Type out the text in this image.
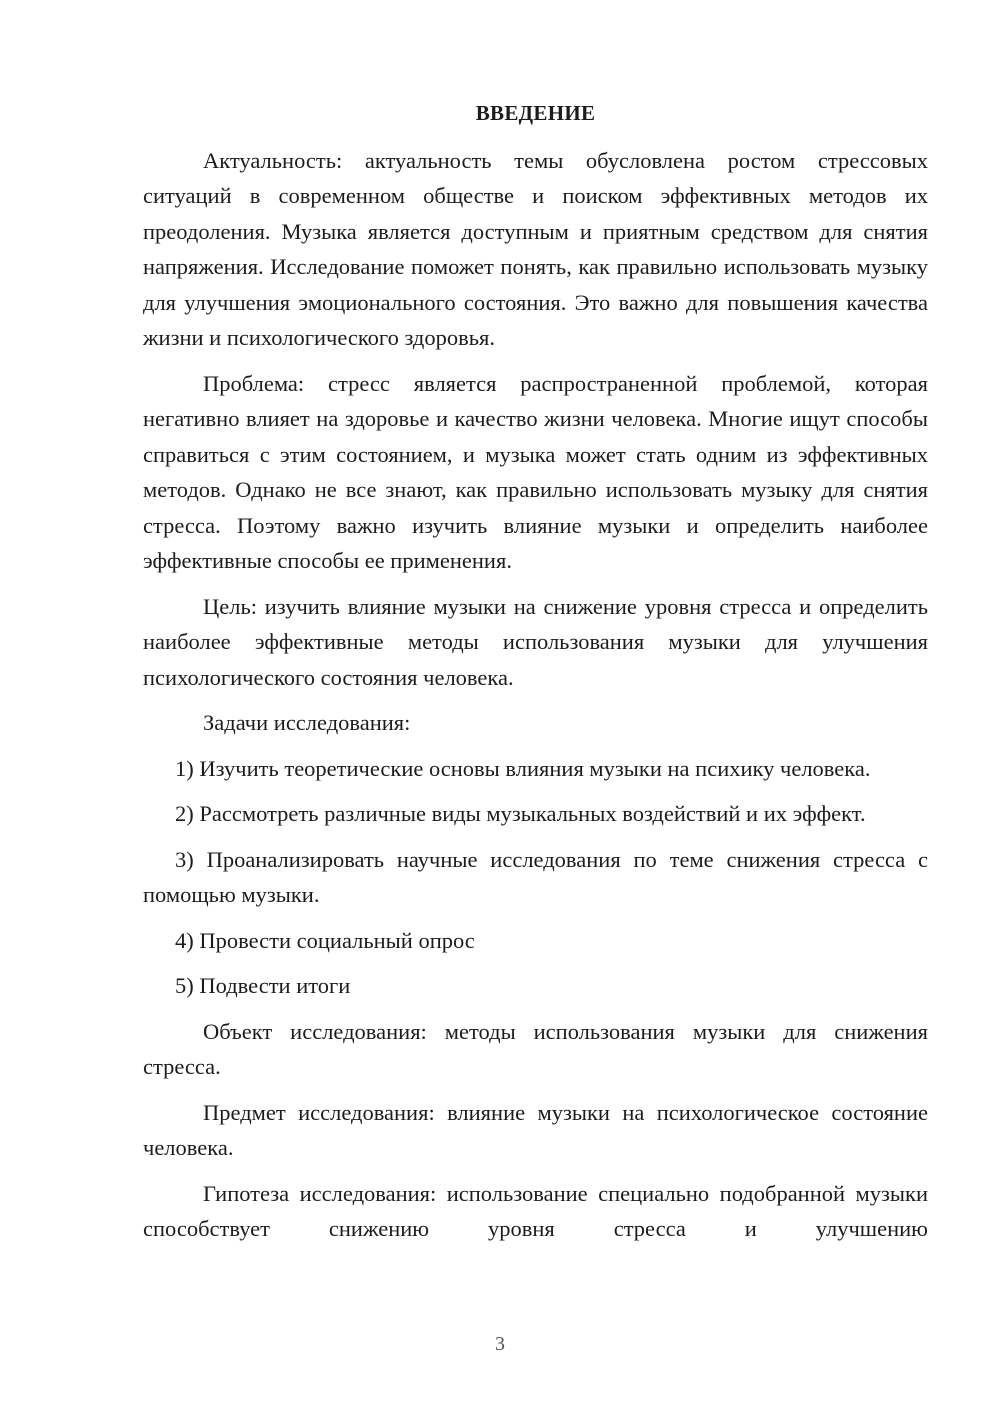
ВВЕДЕНИЕ
Актуальность: актуальность темы обусловлена ростом стрессовых ситуаций в современном обществе и поиском эффективных методов их преодоления. Музыка является доступным и приятным средством для снятия напряжения. Исследование поможет понять, как правильно использовать музыку для улучшения эмоционального состояния. Это важно для повышения качества жизни и психологического здоровья.
Проблема: стресс является распространенной проблемой, которая негативно влияет на здоровье и качество жизни человека. Многие ищут способы справиться с этим состоянием, и музыка может стать одним из эффективных методов. Однако не все знают, как правильно использовать музыку для снятия стресса. Поэтому важно изучить влияние музыки и определить наиболее эффективные способы ее применения.
Цель: изучить влияние музыки на снижение уровня стресса и определить наиболее эффективные методы использования музыки для улучшения психологического состояния человека.
Задачи исследования:
1) Изучить теоретические основы влияния музыки на психику человека.
2) Рассмотреть различные виды музыкальных воздействий и их эффект.
3) Проанализировать научные исследования по теме снижения стресса с помощью музыки.
4) Провести социальный опрос
5) Подвести итоги
Объект исследования: методы использования музыки для снижения стресса.
Предмет исследования: влияние музыки на психологическое состояние человека.
Гипотеза исследования: использование специально подобранной музыки способствует снижению уровня стресса и улучшению
3
